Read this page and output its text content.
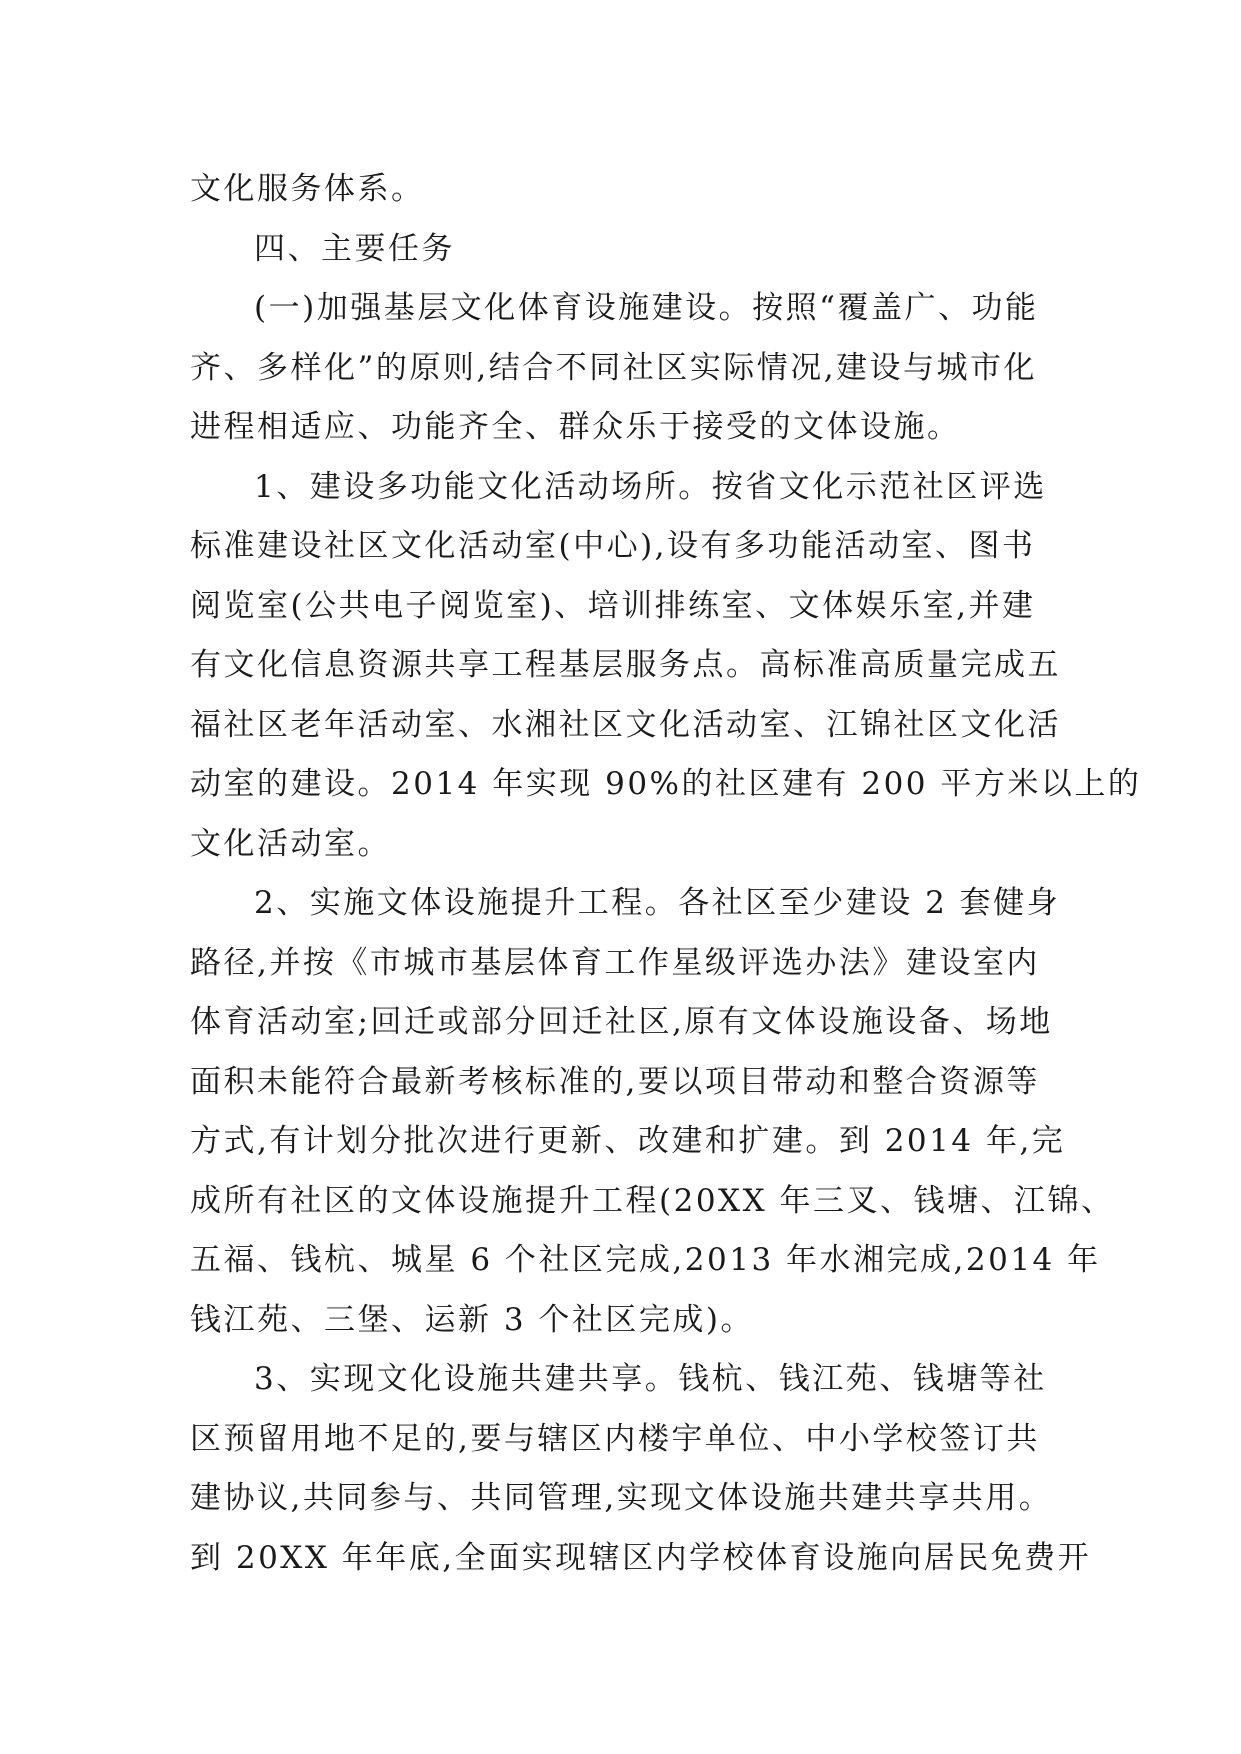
文化服务体系。
四、主要任务
(一)加强基层文化体育设施建设。按照“覆盖广、功能
齐、多样化”的原则,结合不同社区实际情况,建设与城市化
进程相适应、功能齐全、群众乐于接受的文体设施。
1、建设多功能文化活动场所。按省文化示范社区评选
标准建设社区文化活动室(中心),设有多功能活动室、图书
阅览室(公共电子阅览室)、培训排练室、文体娱乐室,并建
有文化信息资源共享工程基层服务点。高标准高质量完成五
福社区老年活动室、水湘社区文化活动室、江锦社区文化活
动室的建设。2014 年实现 90%的社区建有 200 平方米以上的
文化活动室。
2、实施文体设施提升工程。各社区至少建设 2 套健身
路径,并按《市城市基层体育工作星级评选办法》建设室内
体育活动室;回迁或部分回迁社区,原有文体设施设备、场地
面积未能符合最新考核标准的,要以项目带动和整合资源等
方式,有计划分批次进行更新、改建和扩建。到 2014 年,完
成所有社区的文体设施提升工程(20XX 年三叉、钱塘、江锦、
五福、钱杭、城星 6 个社区完成,2013 年水湘完成,2014 年
钱江苑、三堡、运新 3 个社区完成)。
3、实现文化设施共建共享。钱杭、钱江苑、钱塘等社
区预留用地不足的,要与辖区内楼宇单位、中小学校签订共
建协议,共同参与、共同管理,实现文体设施共建共享共用。
到 20XX 年年底,全面实现辖区内学校体育设施向居民免费开
